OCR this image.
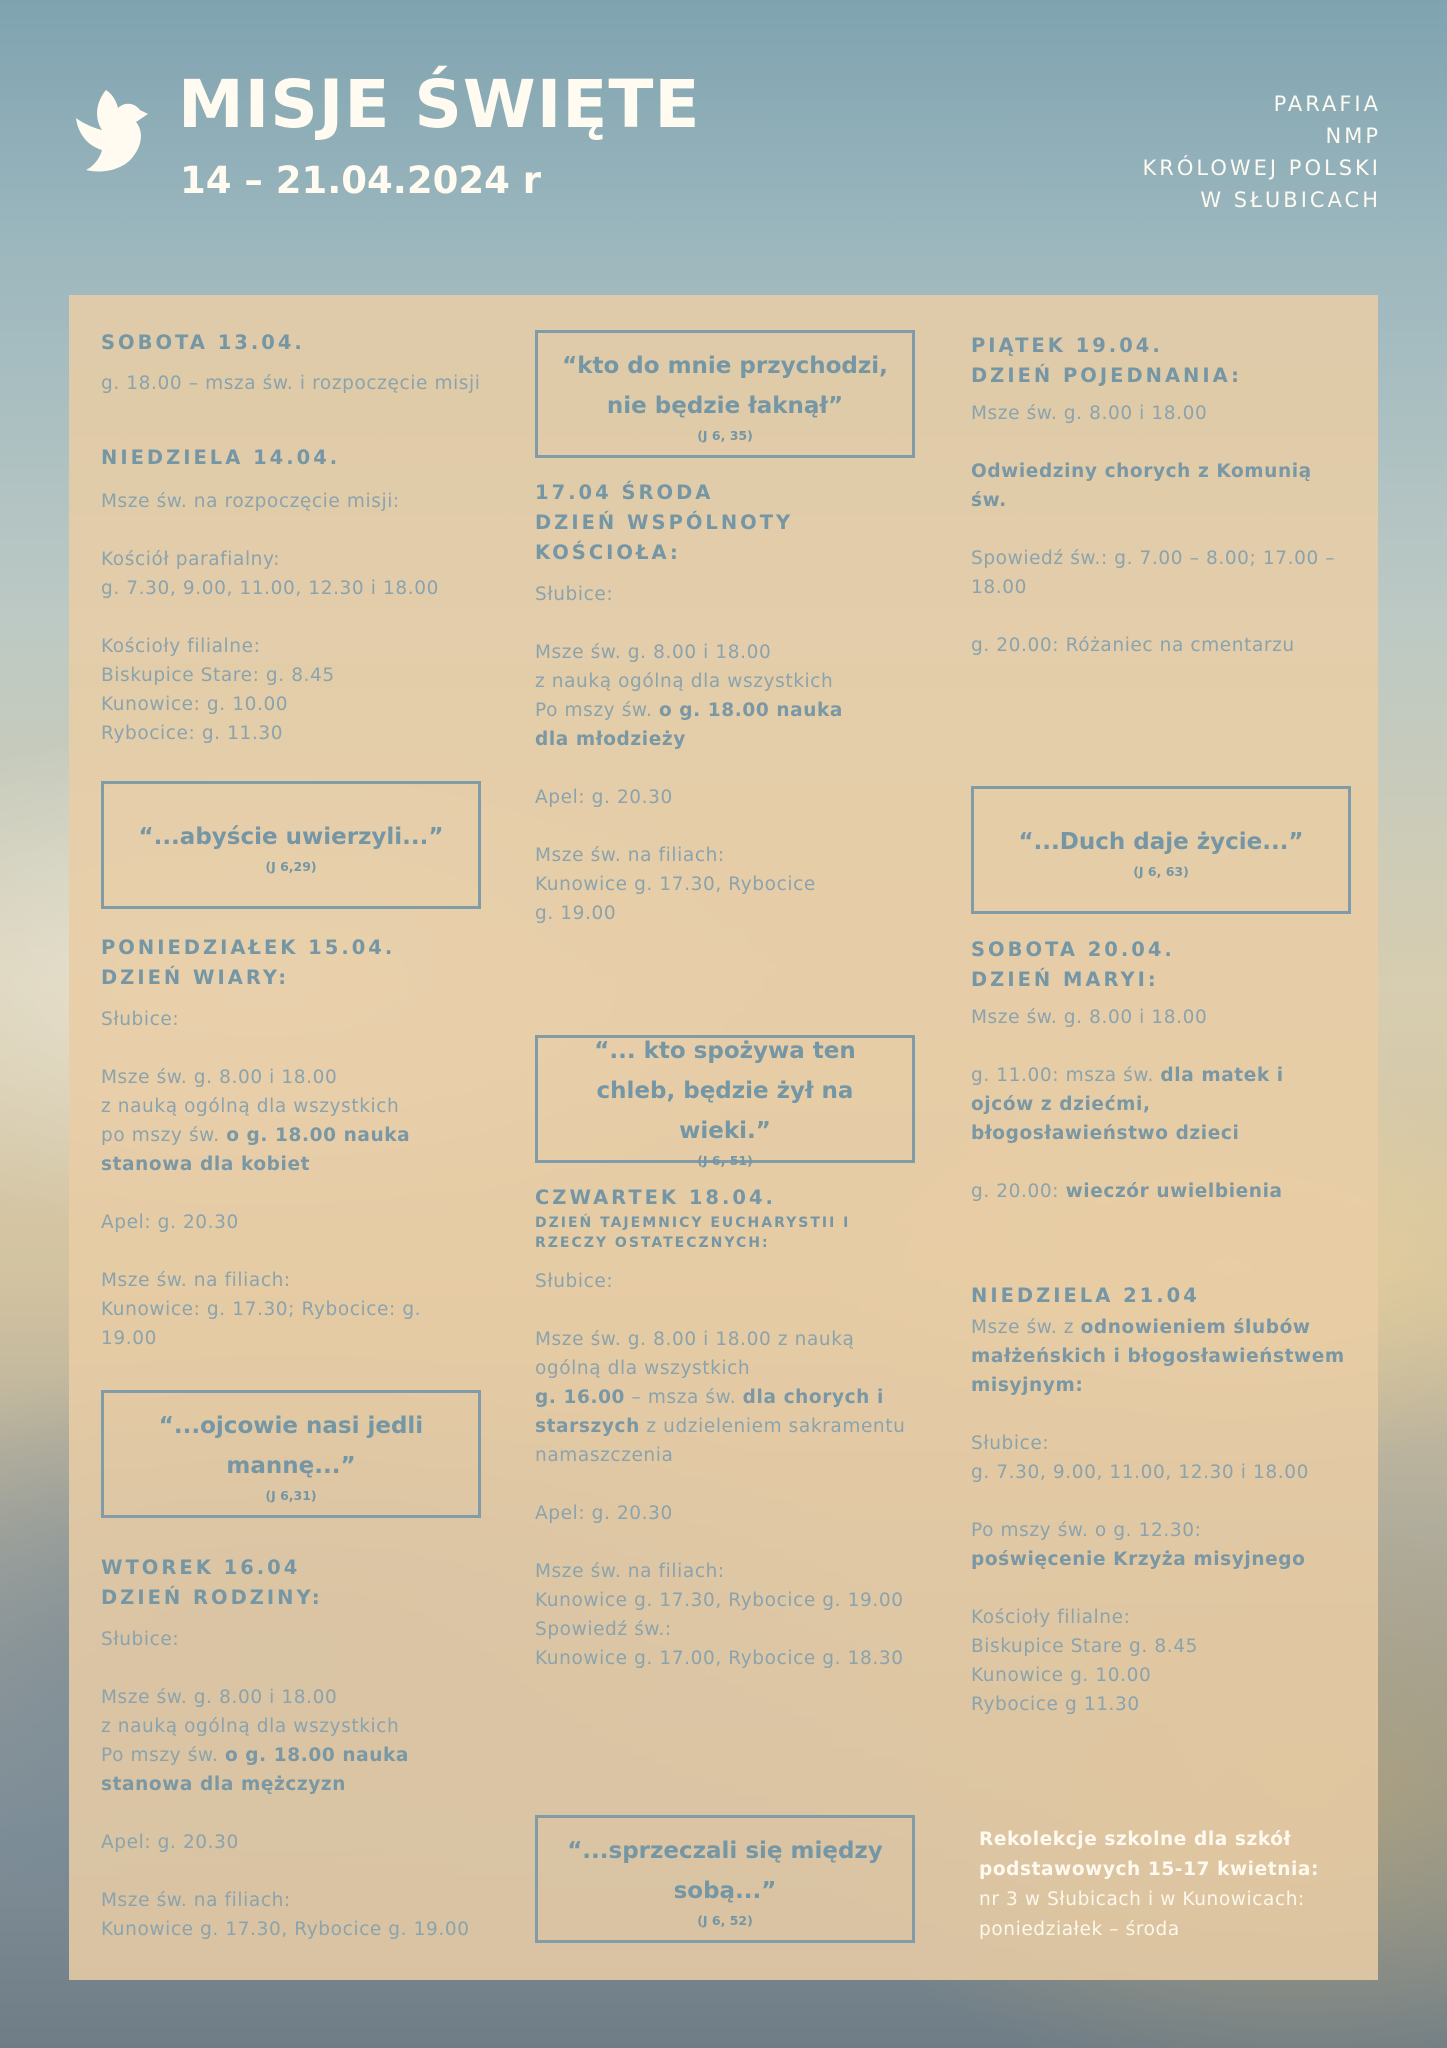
MISJE ŚWIĘTE
14 – 21.04.2024 r
PARAFIA
NMP
KRÓLOWEJ POLSKI
W SŁUBICACH
SOBOTA 13.04.
g. 18.00 – msza św. i rozpoczęcie misji
NIEDZIELA 14.04.
Msze św. na rozpoczęcie misji:
Kościół parafialny:
g. 7.30, 9.00, 11.00, 12.30 i 18.00
Kościoły filialne:
Biskupice Stare: g. 8.45
Kunowice: g. 10.00
Rybocice: g. 11.30
“...abyście uwierzyli...”
(J 6,29)
PONIEDZIAŁEK 15.04.
DZIEŃ WIARY:
Słubice:
Msze św. g. 8.00 i 18.00
z nauką ogólną dla wszystkich
po mszy św. o g. 18.00 nauka
stanowa dla kobiet
Apel: g. 20.30
Msze św. na filiach:
Kunowice: g. 17.30; Rybocice: g. 19.00
“...ojcowie nasi jedli mannę...”
(J 6,31)
WTOREK 16.04
DZIEŃ RODZINY:
Słubice:
Msze św. g. 8.00 i 18.00
z nauką ogólną dla wszystkich
Po mszy św. o g. 18.00 nauka
stanowa dla mężczyzn
Apel: g. 20.30
Msze św. na filiach:
Kunowice g. 17.30, Rybocice g. 19.00
“kto do mnie przychodzi, nie będzie łaknął”
(J 6, 35)
17.04 ŚRODA
DZIEŃ WSPÓLNOTY KOŚCIOŁA:
Słubice:
Msze św. g. 8.00 i 18.00
z nauką ogólną dla wszystkich
Po mszy św. o g. 18.00 nauka
dla młodzieży
Apel: g. 20.30
Msze św. na filiach:
Kunowice g. 17.30, Rybocice g. 19.00
“... kto spożywa ten chleb, będzie żył na wieki.”
(J 6, 51)
CZWARTEK 18.04.
DZIEŃ TAJEMNICY EUCHARYSTII I RZECZY OSTATECZNYCH:
Słubice:
Msze św. g. 8.00 i 18.00 z nauką ogólną dla wszystkich
g. 16.00 – msza św. dla chorych i starszych z udzieleniem sakramentu namaszczenia
Apel: g. 20.30
Msze św. na filiach:
Kunowice g. 17.30, Rybocice g. 19.00
Spowiedź św.:
Kunowice g. 17.00, Rybocice g. 18.30
“...sprzeczali się między sobą...”
(J 6, 52)
PIĄTEK 19.04.
DZIEŃ POJEDNANIA:
Msze św. g. 8.00 i 18.00
Odwiedziny chorych z Komunią św.
Spowiedź św.: g. 7.00 – 8.00; 17.00 – 18.00
g. 20.00: Różaniec na cmentarzu
“...Duch daje życie...”
(J 6, 63)
SOBOTA 20.04.
DZIEŃ MARYI:
Msze św. g. 8.00 i 18.00
g. 11.00: msza św. dla matek i ojców z dziećmi, błogosławieństwo dzieci
g. 20.00: wieczór uwielbienia
NIEDZIELA 21.04
Msze św. z odnowieniem ślubów małżeńskich i błogosławieństwem misyjnym:
Słubice:
g. 7.30, 9.00, 11.00, 12.30 i 18.00
Po mszy św. o g. 12.30:
poświęcenie Krzyża misyjnego
Kościoły filialne:
Biskupice Stare g. 8.45
Kunowice g. 10.00
Rybocice g 11.30
Rekolekcje szkolne dla szkół podstawowych 15-17 kwietnia:
nr 3 w Słubicach i w Kunowicach:
poniedziałek – środa
